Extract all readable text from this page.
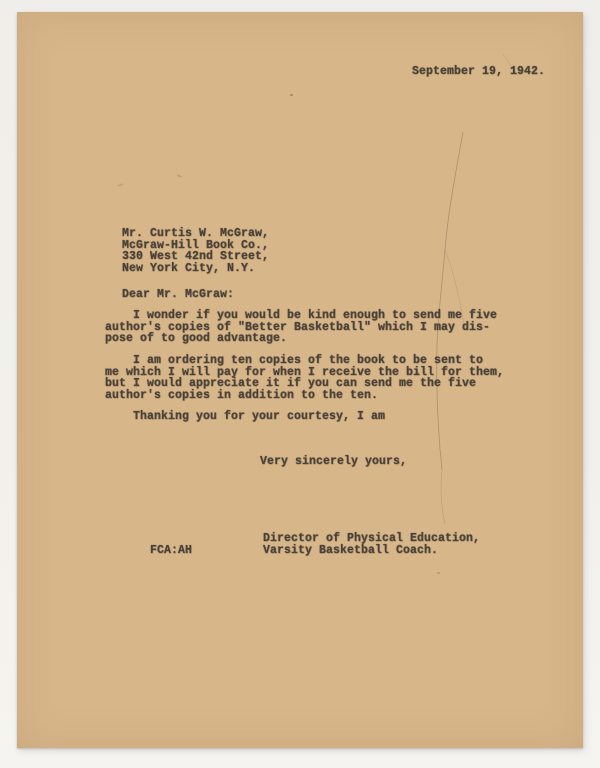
September 19, 1942.
Mr. Curtis W. McGraw,
McGraw-Hill Book Co.,
330 West 42nd Street,
New York City, N.Y.
Dear Mr. McGraw:
I wonder if you would be kind enough to send me five
author's copies of "Better Basketball" which I may dis-
pose of to good advantage.
I am ordering ten copies of the book to be sent to
me which I will pay for when I receive the bill for them,
but I would appreciate it if you can send me the five
author's copies in addition to the ten.
Thanking you for your courtesy, I am
Very sincerely yours,
Director of Physical Education,
Varsity Basketball Coach.
FCA:AH
